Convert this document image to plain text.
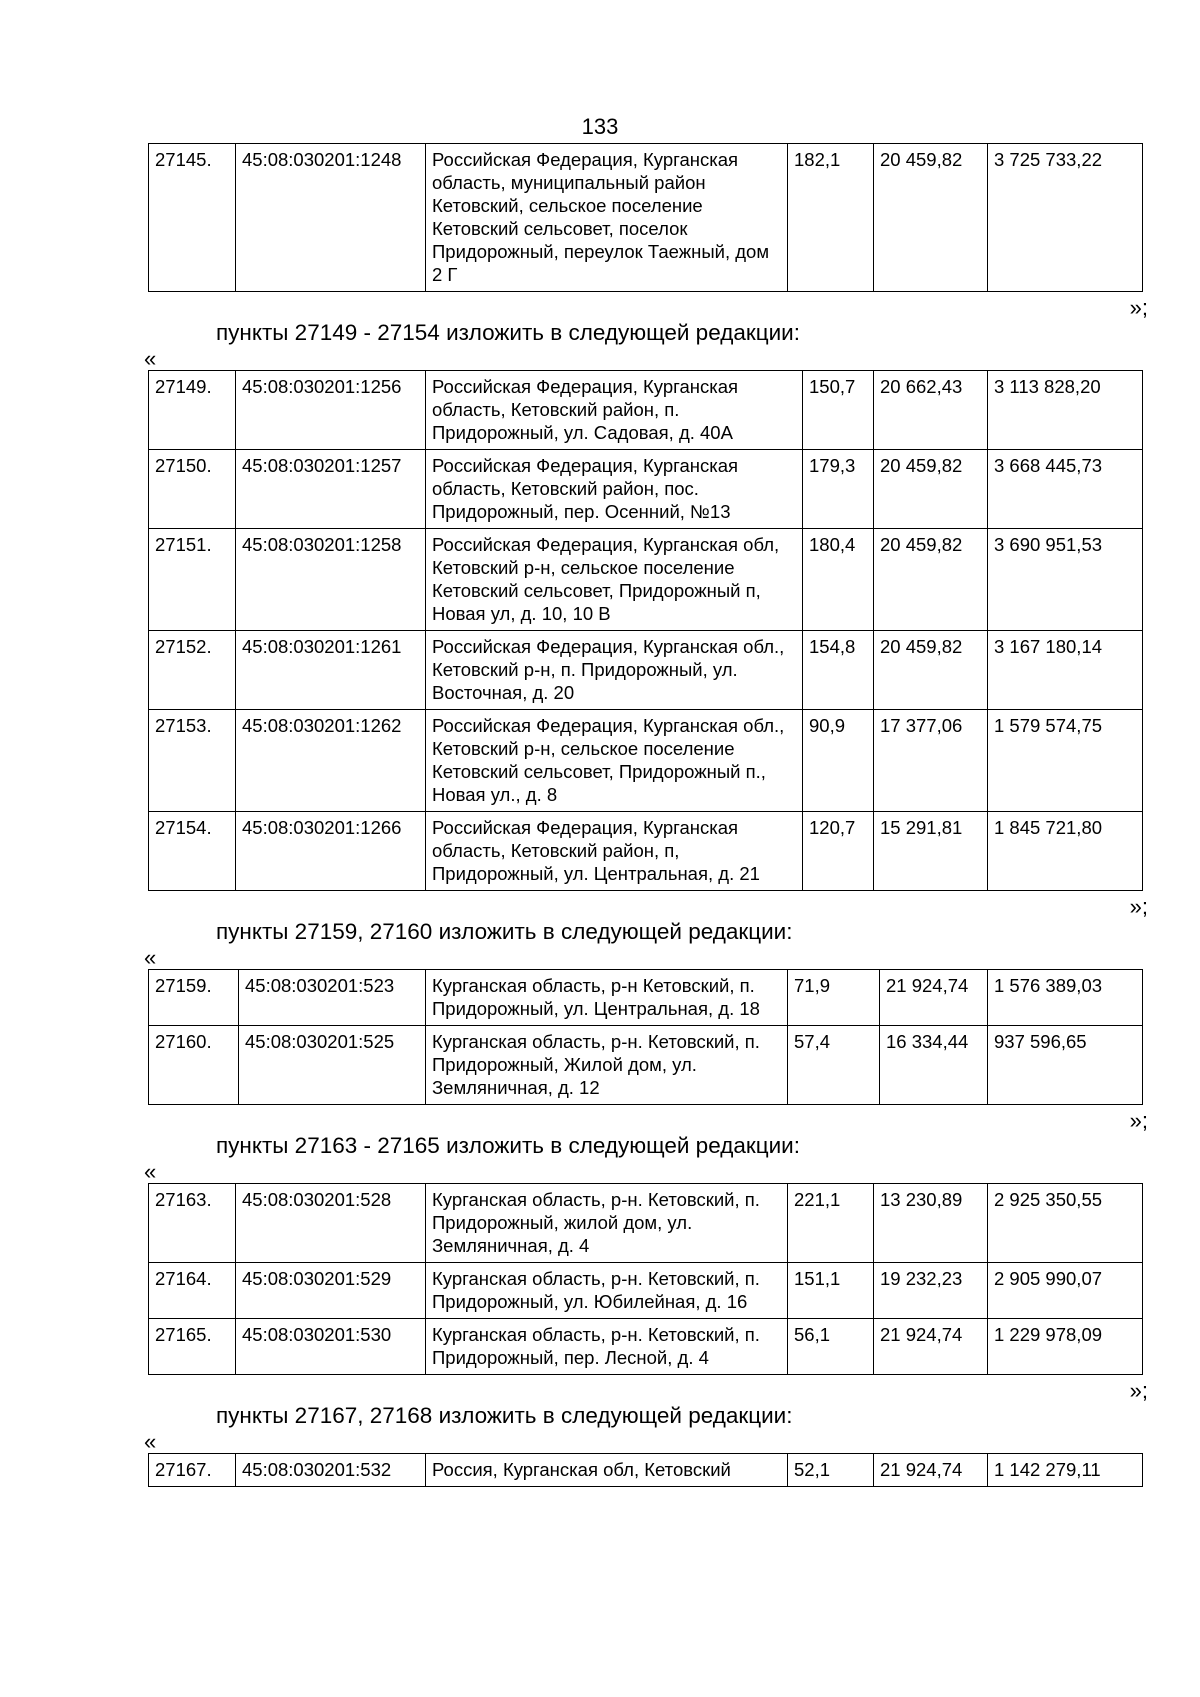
133
27145.	45:08:030201:1248	Российская Федерация, Курганская область, муниципальный район Кетовский, сельское поселение Кетовский сельсовет, поселок Придорожный, переулок Таежный, дом 2 Г	182,1	20 459,82	3 725 733,22
»;
пункты 27149 - 27154 изложить в следующей редакции:
«
27149.	45:08:030201:1256	Российская Федерация, Курганская область, Кетовский район, п. Придорожный, ул. Садовая, д. 40А	150,7	20 662,43	3 113 828,20
27150.	45:08:030201:1257	Российская Федерация, Курганская область, Кетовский район, пос. Придорожный, пер. Осенний, №13	179,3	20 459,82	3 668 445,73
27151.	45:08:030201:1258	Российская Федерация, Курганская обл, Кетовский р-н, сельское поселение Кетовский сельсовет, Придорожный п, Новая ул, д. 10, 10 В	180,4	20 459,82	3 690 951,53
27152.	45:08:030201:1261	Российская Федерация, Курганская обл., Кетовский р-н, п. Придорожный, ул. Восточная, д. 20	154,8	20 459,82	3 167 180,14
27153.	45:08:030201:1262	Российская Федерация, Курганская обл., Кетовский р-н, сельское поселение Кетовский сельсовет, Придорожный п., Новая ул., д. 8	90,9	17 377,06	1 579 574,75
27154.	45:08:030201:1266	Российская Федерация, Курганская область, Кетовский район, п, Придорожный, ул. Центральная, д. 21	120,7	15 291,81	1 845 721,80
»;
пункты 27159, 27160 изложить в следующей редакции:
«
27159.	45:08:030201:523	Курганская область, р-н Кетовский, п. Придорожный, ул. Центральная, д. 18	71,9	21 924,74	1 576 389,03
27160.	45:08:030201:525	Курганская область, р-н. Кетовский, п. Придорожный, Жилой дом, ул. Земляничная, д. 12	57,4	16 334,44	937 596,65
»;
пункты 27163 - 27165 изложить в следующей редакции:
«
27163.	45:08:030201:528	Курганская область, р-н. Кетовский, п. Придорожный, жилой дом, ул. Земляничная, д. 4	221,1	13 230,89	2 925 350,55
27164.	45:08:030201:529	Курганская область, р-н. Кетовский, п. Придорожный, ул. Юбилейная, д. 16	151,1	19 232,23	2 905 990,07
27165.	45:08:030201:530	Курганская область, р-н. Кетовский, п. Придорожный, пер. Лесной, д. 4	56,1	21 924,74	1 229 978,09
»;
пункты 27167, 27168 изложить в следующей редакции:
«
27167.	45:08:030201:532	Россия, Курганская обл, Кетовский	52,1	21 924,74	1 142 279,11
